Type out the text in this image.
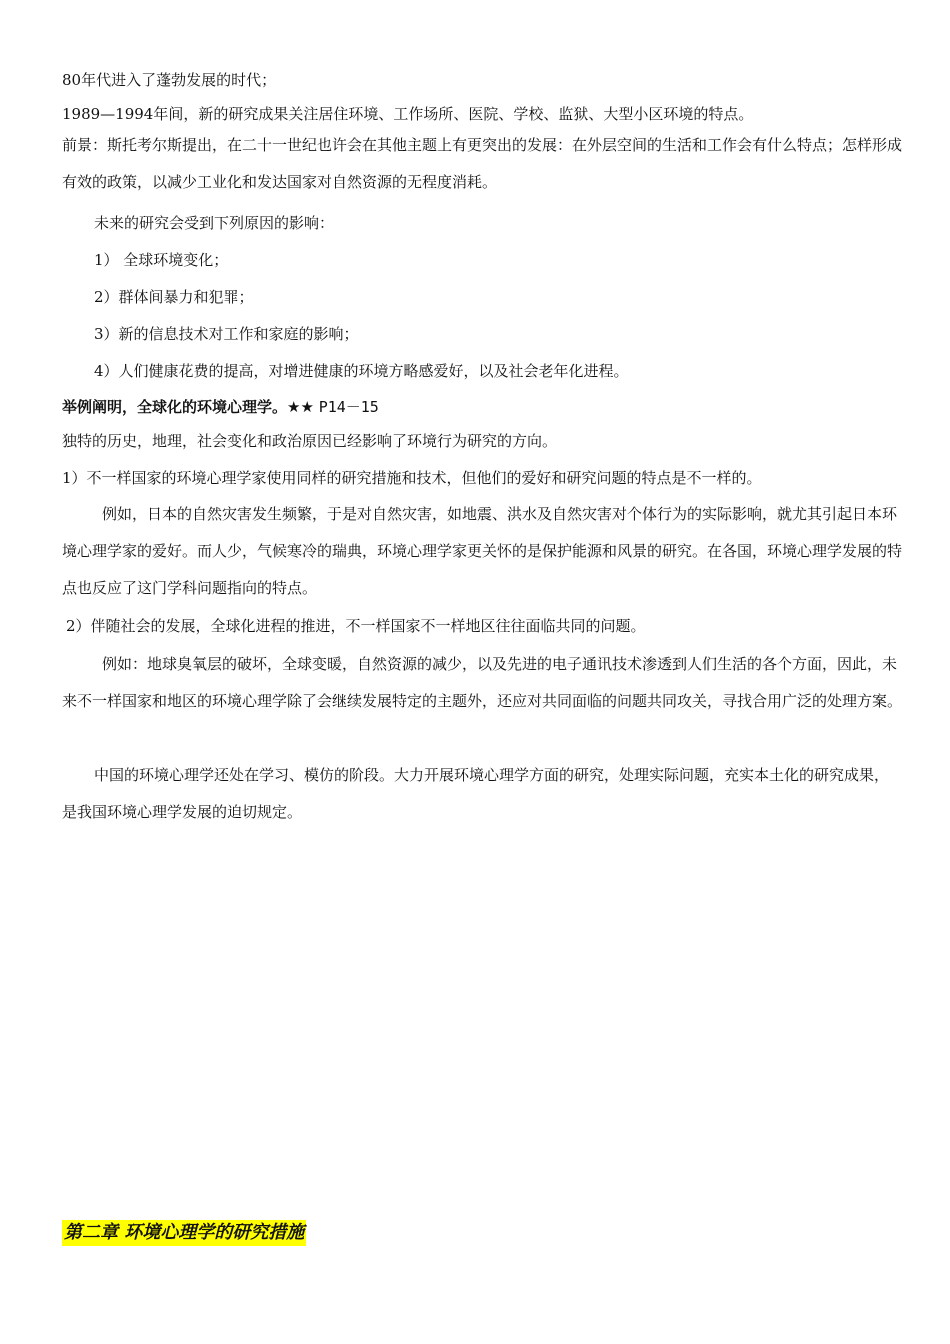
80年代进入了蓬勃发展的时代；
1989—1994年间，新的研究成果关注居住环境、工作场所、医院、学校、监狱、大型小区环境的特点。
前景：斯托考尔斯提出，在二十一世纪也许会在其他主题上有更突出的发展：在外层空间的生活和工作会有什么特点；怎样形成有效的政策，以减少工业化和发达国家对自然资源的无程度消耗。
未来的研究会受到下列原因的影响：
1） 全球环境变化；
2）群体间暴力和犯罪；
3）新的信息技术对工作和家庭的影响；
4）人们健康花费的提高，对增进健康的环境方略感爱好，以及社会老年化进程。
举例阐明，全球化的环境心理学。★★ P14－15
独特的历史，地理，社会变化和政治原因已经影响了环境行为研究的方向。
1）不一样国家的环境心理学家使用同样的研究措施和技术，但他们的爱好和研究问题的特点是不一样的。
例如，日本的自然灾害发生频繁，于是对自然灾害，如地震、洪水及自然灾害对个体行为的实际影响，就尤其引起日本环境心理学家的爱好。而人少，气候寒冷的瑞典，环境心理学家更关怀的是保护能源和风景的研究。在各国，环境心理学发展的特点也反应了这门学科问题指向的特点。
2）伴随社会的发展，全球化进程的推进，不一样国家不一样地区往往面临共同的问题。
例如：地球臭氧层的破坏，全球变暖，自然资源的减少，以及先进的电子通讯技术渗透到人们生活的各个方面，因此，未来不一样国家和地区的环境心理学除了会继续发展特定的主题外，还应对共同面临的问题共同攻关，寻找合用广泛的处理方案。
中国的环境心理学还处在学习、模仿的阶段。大力开展环境心理学方面的研究，处理实际问题，充实本土化的研究成果，是我国环境心理学发展的迫切规定。
第二章 环境心理学的研究措施
